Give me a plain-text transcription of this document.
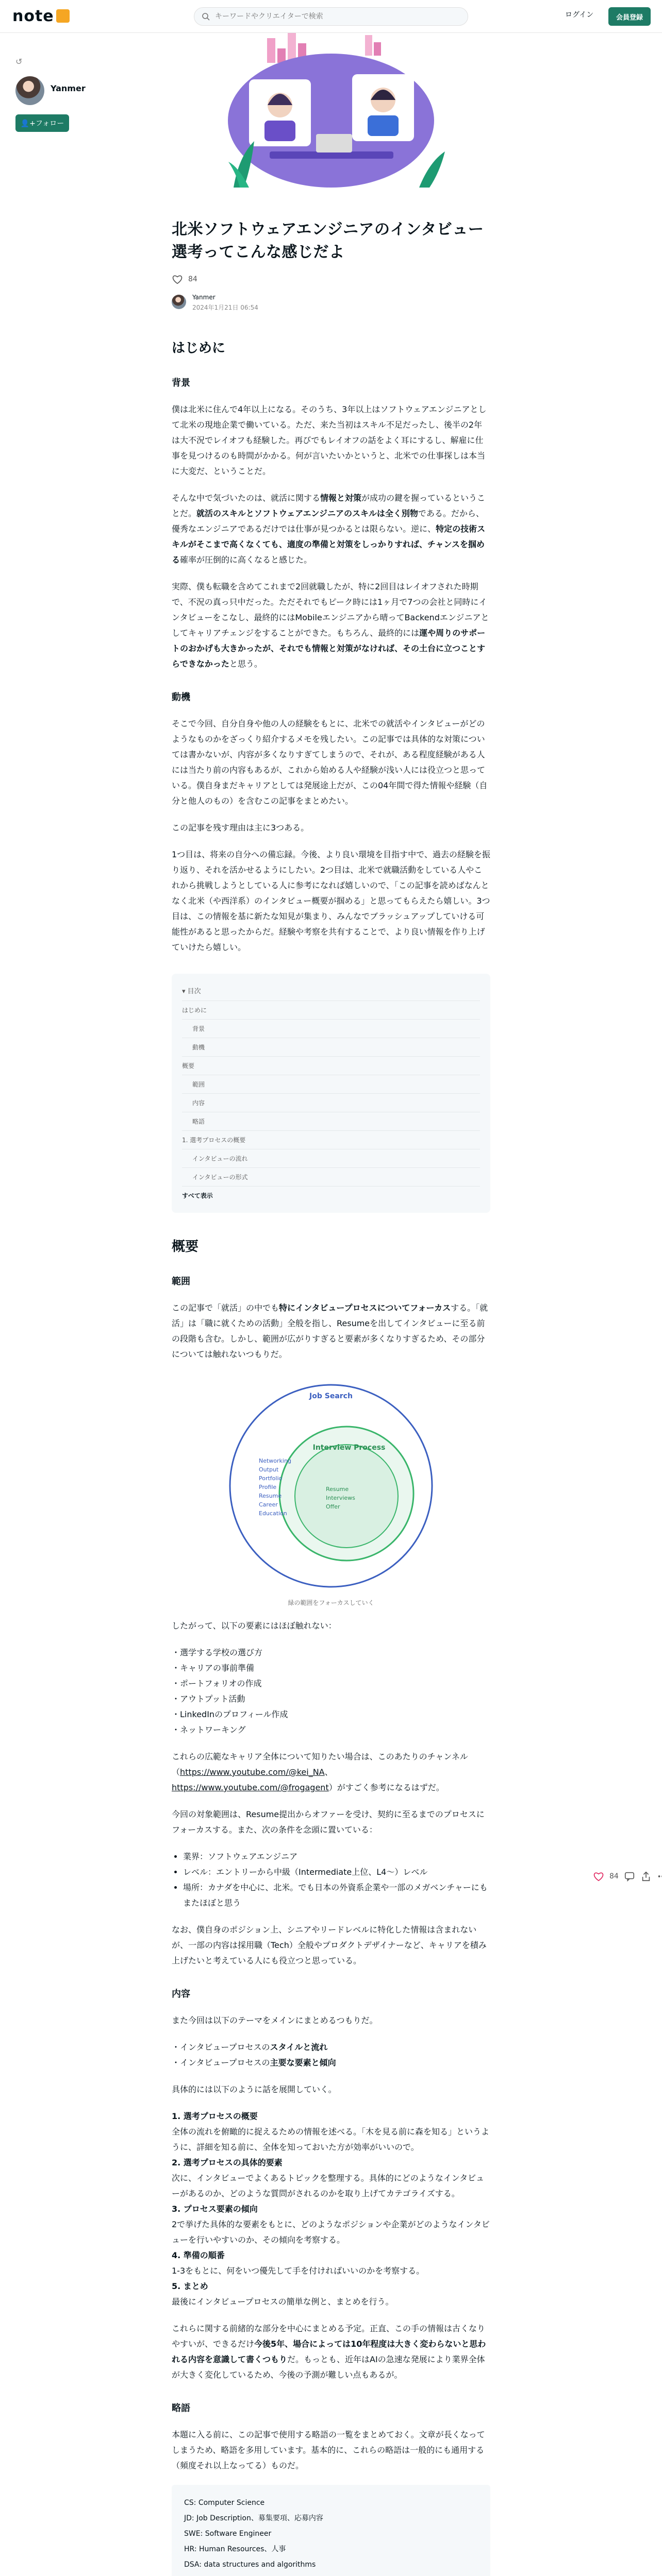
note
キーワードやクリエイターで検索	ログイン	会員登録
↺
Yanmer
👤+フォロー
北米ソフトウェアエンジニアのインタビュー選考ってこんな感じだよ
84
Yanmer
2024年1月21日 06:54
はじめに
背景

僕は北米に住んで4年以上になる。そのうち、3年以上はソフトウェアエンジニアとして北米の現地企業で働いている。ただ、来た当初はスキル不足だったし、後半の2年は大不況でレイオフも経験した。再びでもレイオフの話をよく耳にするし、解雇に仕事を見つけるのも時間がかかる。何が言いたいかというと、北米での仕事探しは本当に大変だ、ということだ。

そんな中で気づいたのは、就活に関する情報と対策が成功の鍵を握っているということだ。就活のスキルとソフトウェアエンジニアのスキルは全く別物である。だから、優秀なエンジニアであるだけでは仕事が見つかるとは限らない。逆に、特定の技術スキルがそこまで高くなくても、適度の準備と対策をしっかりすれば、チャンスを掴める確率が圧倒的に高くなると感じた。

実際、僕も転職を含めてこれまで2回就職したが、特に2回目はレイオフされた時期で、不況の真っ只中だった。ただそれでもピーク時には1ヶ月で7つの会社と同時にインタビューをこなし、最終的にはMobileエンジニアから晴ってBackendエンジニアとしてキャリアチェンジをすることができた。もちろん、最終的には運や周りのサポートのおかげも大きかったが、それでも情報と対策がなければ、その土台に立つことすらできなかったと思う。

動機

そこで今回、自分自身や他の人の経験をもとに、北米での就活やインタビューがどのようなものかをざっくり紹介するメモを残したい。この記事では具体的な対策については書かないが、内容が多くなりすぎてしまうので、それが、ある程度経験がある人には当たり前の内容もあるが、これから始める人や経験が浅い人には役立つと思っている。僕自身まだキャリアとしては発展途上だが、この04年間で得た情報や経験（自分と他人のもの）を含むこの記事をまとめたい。

この記事を残す理由は主に3つある。

1つ目は、将来の自分への備忘録。今後、より良い環境を目指す中で、過去の経験を振り返り、それを活かせるようにしたい。2つ目は、北米で就職活動をしている人やこれから挑戦しようとしている人に参考になれば嬉しいので、「この記事を読めばなんとなく北米（や西洋系）のインタビュー概要が掴める」と思ってもらえたら嬉しい。3つ目は、この情報を基に新たな知見が集まり、みんなでブラッシュアップしていける可能性があると思ったからだ。経験や考察を共有することで、より良い情報を作り上げていけたら嬉しい。

▾ 目次
はじめに
背景
動機
概要
範囲
内容
略語
1. 選考プロセスの概要
インタビューの流れ
インタビューの形式
すべて表示
概要
範囲

この記事で「就活」の中でも特にインタビュープロセスについてフォーカスする。「就活」は「職に就くための活動」全般を指し、Resumeを出してインタビューに至る前の段階も含む。しかし、範囲が広がりすぎると要素が多くなりすぎるため、その部分については触れないつもりだ。

Job Search
Interview Process
Networking
Output
Portfolio
Profile
Resume
Career
Education
Resume
Interviews
Offer
緑の範囲をフォーカスしていく

したがって、以下の要素にはほぼ触れない：

・選学する学校の選び方
・キャリアの事前準備
・ポートフォリオの作成
・アウトプット活動
・LinkedInのプロフィール作成
・ネットワーキング

これらの広範なキャリア全体について知りたい場合は、このあたりのチャンネル（https://www.youtube.com/@kei_NA、https://www.youtube.com/@frogagent）がすごく参考になるはずだ。

今回の対象範囲は、Resume提出からオファーを受け、契約に至るまでのプロセスにフォーカスする。また、次の条件を念頭に置いている：

• 業界：ソフトウェアエンジニア
• レベル：エントリーから中級（Intermediate上位、L4〜）レベル
• 場所：カナダを中心に、北米。でも日本の外資系企業や一部のメガベンチャーにもまたほぼと思う

なお、僕自身のポジション上、シニアやリードレベルに特化した情報は含まれないが、一部の内容は採用職（Tech）全般やプロダクトデザイナーなど、キャリアを積み上げたいと考えている人にも役立つと思っている。

内容

また今回は以下のテーマをメインにまとめるつもりだ。

・インタビュープロセスのスタイルと流れ
・インタビュープロセスの主要な要素と傾向

具体的には以下のように話を展開していく。

1. 選考プロセスの概要
全体の流れを俯瞰的に捉えるための情報を述べる。「木を見る前に森を知る」というように、詳細を知る前に、全体を知っておいた方が効率がいいので。
2. 選考プロセスの具体的要素
次に、インタビューでよくあるトピックを整理する。具体的にどのようなインタビューがあるのか、どのような質問がされるのかを取り上げてカテゴライズする。
3. プロセス要素の傾向
2で挙げた具体的な要素をもとに、どのようなポジションや企業がどのようなインタビューを行いやすいのか、その傾向を考察する。
4. 準備の順番
1-3をもとに、何をいつ優先して手を付ければいいのかを考察する。
5. まとめ
最後にインタビュープロセスの簡単な例と、まとめを行う。

これらに関する前緒的な部分を中心にまとめる予定。正直、この手の情報は古くなりやすいが、できるだけ今後5年、場合によっては10年程度は大きく変わらないと思われる内容を意識して書くつもりだ。もっとも、近年はAIの急速な発展により業界全体が大きく変化しているため、今後の予測が難しい点もあるが。

略語

本題に入る前に、この記事で使用する略語の一覧をまとめておく。文章が長くなってしまうため、略語を多用しています。基本的に、これらの略語は一般的にも通用する（頻度それ以上なってる）ものだ。

CS: Computer Science
JD: Job Description、募集要項、応募内容
SWE: Software Engineer
HR: Human Resources、人事
DSA: data structures and algorithms
84
